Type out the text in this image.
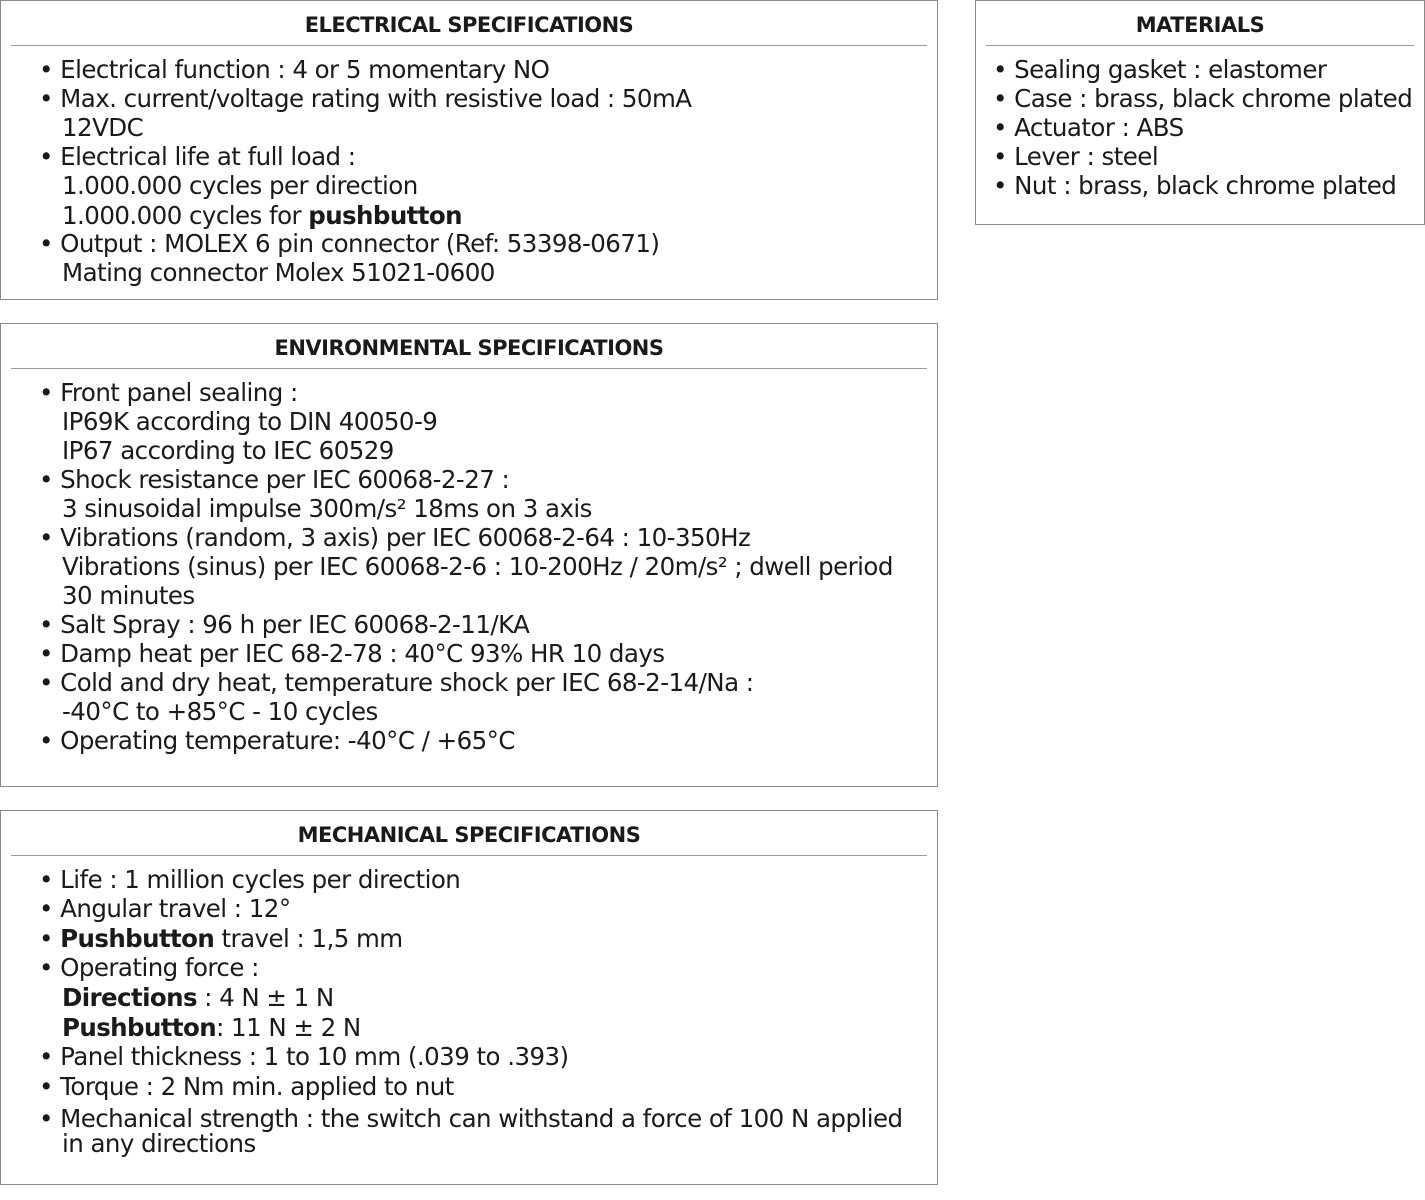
ELECTRICAL SPECIFICATIONS
• Electrical function : 4 or 5 momentary NO
• Max. current/voltage rating with resistive load : 50mA
12VDC
• Electrical life at full load :
1.000.000 cycles per direction
1.000.000 cycles for pushbutton
• Output : MOLEX 6 pin connector (Ref: 53398-0671)
Mating connector Molex 51021-0600
ENVIRONMENTAL SPECIFICATIONS
• Front panel sealing :
IP69K according to DIN 40050-9
IP67 according to IEC 60529
• Shock resistance per IEC 60068-2-27 :
3 sinusoidal impulse 300m/s² 18ms on 3 axis
• Vibrations (random, 3 axis) per IEC 60068-2-64 : 10-350Hz
Vibrations (sinus) per IEC 60068-2-6 : 10-200Hz / 20m/s² ; dwell period
30 minutes
• Salt Spray : 96 h per IEC 60068-2-11/KA
• Damp heat per IEC 68-2-78 : 40°C 93% HR 10 days
• Cold and dry heat, temperature shock per IEC 68-2-14/Na :
-40°C to +85°C - 10 cycles
• Operating temperature: -40°C / +65°C
MECHANICAL SPECIFICATIONS
• Life : 1 million cycles per direction
• Angular travel : 12°
• Pushbutton travel : 1,5 mm
• Operating force :
Directions : 4 N ± 1 N
Pushbutton: 11 N ± 2 N
• Panel thickness : 1 to 10 mm (.039 to .393)
• Torque : 2 Nm min. applied to nut
• Mechanical strength : the switch can withstand a force of 100 N applied
in any directions
MATERIALS
• Sealing gasket : elastomer
• Case : brass, black chrome plated
• Actuator : ABS
• Lever : steel
• Nut : brass, black chrome plated
